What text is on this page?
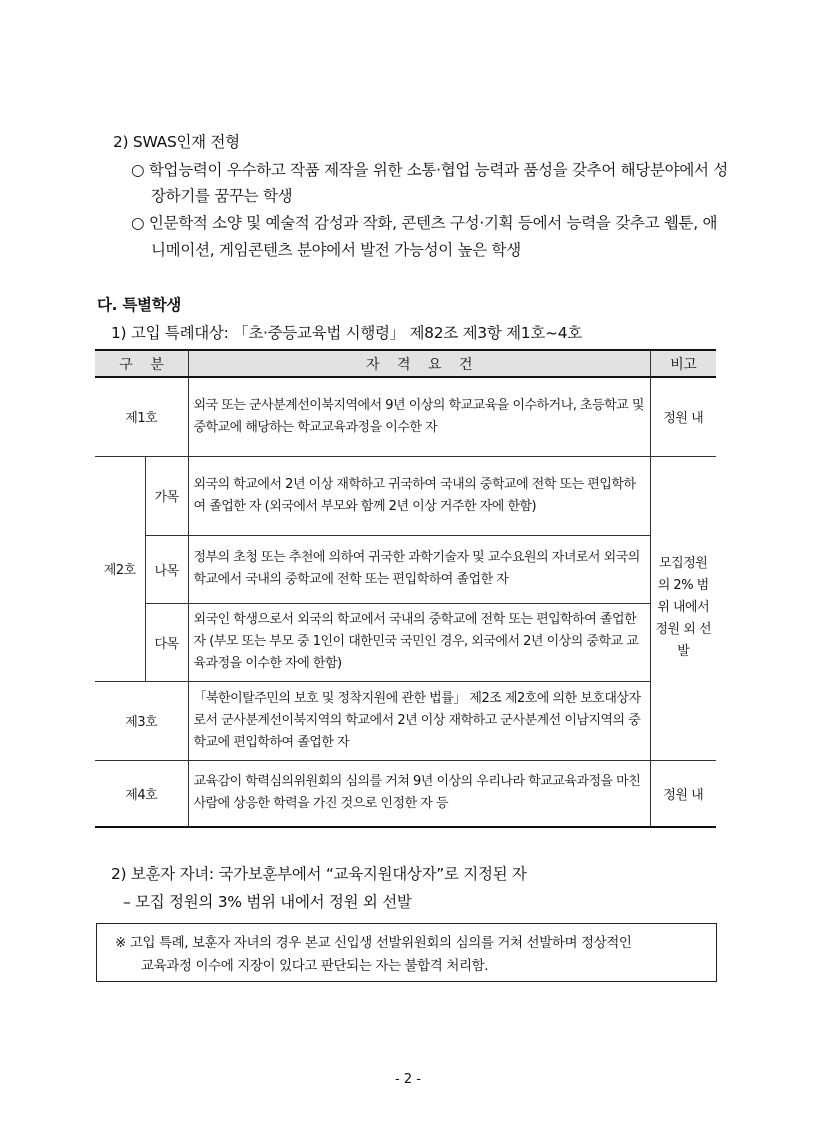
2) SWAS인재 전형
○ 학업능력이 우수하고 작품 제작을 위한 소통·협업 능력과 품성을 갖추어 해당분야에서 성
장하기를 꿈꾸는 학생
○ 인문학적 소양 및 예술적 감성과 작화, 콘텐츠 구성·기획 등에서 능력을 갖추고 웹툰, 애
니메이션, 게임콘텐츠 분야에서 발전 가능성이 높은 학생
다. 특별학생
1) 고입 특례대상: 「초·중등교육법 시행령」 제82조 제3항 제1호~4호
구 분		자 격 요 건	비고
제1호		외국 또는 군사분계선이북지역에서 9년 이상의 학교교육을 이수하거나, 초등학교 및 중학교에 해당하는 학교교육과정을 이수한 자	정원 내
제2호	가목	외국의 학교에서 2년 이상 재학하고 귀국하여 국내의 중학교에 전학 또는 편입학하여 졸업한 자 (외국에서 부모와 함께 2년 이상 거주한 자에 한함)	모집정원의 2% 범위 내에서 정원 외 선발
	나목	정부의 초청 또는 추천에 의하여 귀국한 과학기술자 및 교수요원의 자녀로서 외국의 학교에서 국내의 중학교에 전학 또는 편입학하여 졸업한 자	
	다목	외국인 학생으로서 외국의 학교에서 국내의 중학교에 전학 또는 편입학하여 졸업한 자 (부모 또는 부모 중 1인이 대한민국 국민인 경우, 외국에서 2년 이상의 중학교 교육과정을 이수한 자에 한함)	
제3호		「북한이탈주민의 보호 및 정착지원에 관한 법률」 제2조 제2호에 의한 보호대상자로서 군사분계선이북지역의 학교에서 2년 이상 재학하고 군사분계선 이남지역의 중학교에 편입학하여 졸업한 자	
제4호		교육감이 학력심의위원회의 심의를 거쳐 9년 이상의 우리나라 학교교육과정을 마친 사람에 상응한 학력을 가진 것으로 인정한 자 등	정원 내
2) 보훈자 자녀: 국가보훈부에서 “교육지원대상자”로 지정된 자
– 모집 정원의 3% 범위 내에서 정원 외 선발
※ 고입 특례, 보훈자 자녀의 경우 본교 신입생 선발위원회의 심의를 거쳐 선발하며 정상적인
교육과정 이수에 지장이 있다고 판단되는 자는 불합격 처리함.
- 2 -
